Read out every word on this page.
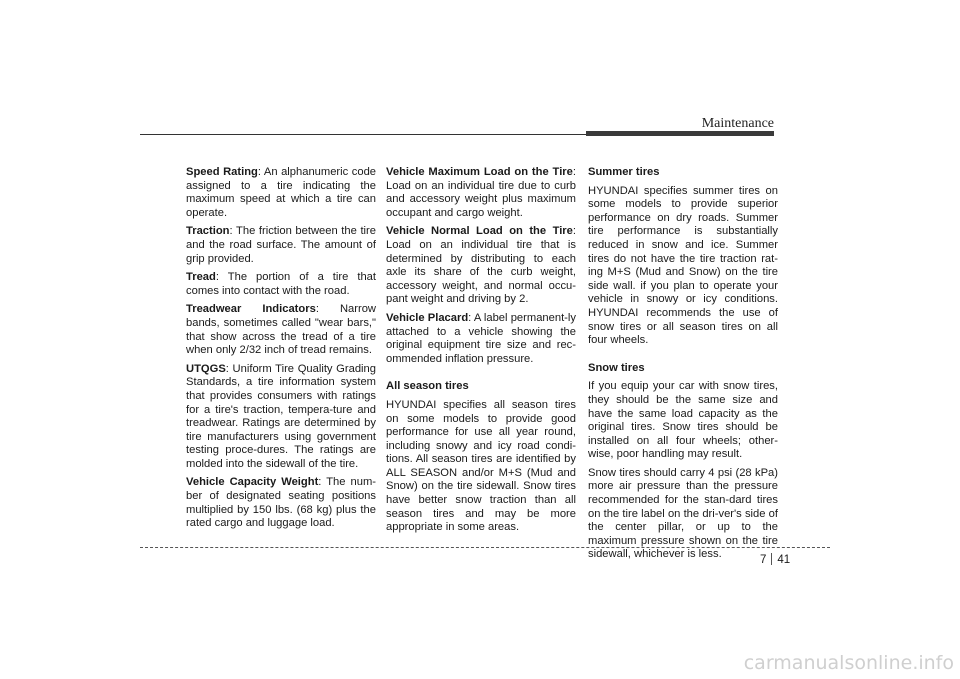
Maintenance

Speed Rating: An alphanumeric code assigned to a tire indicating the maximum speed at which a tire can operate.

Traction: The friction between the tire and the road surface. The amount of grip provided.

Tread: The portion of a tire that comes into contact with the road.

Treadwear Indicators: Narrow bands, sometimes called "wear bars," that show across the tread of a tire when only 2/32 inch of tread remains.

UTQGS: Uniform Tire Quality Grading Standards, a tire information system that provides consumers with ratings for a tire's traction, tempera-ture and treadwear. Ratings are determined by tire manufacturers using government testing proce-dures. The ratings are molded into the sidewall of the tire.

Vehicle Capacity Weight: The num-ber of designated seating positions multiplied by 150 lbs. (68 kg) plus the rated cargo and luggage load.

Vehicle Maximum Load on the Tire: Load on an individual tire due to curb and accessory weight plus maximum occupant and cargo weight.

Vehicle Normal Load on the Tire: Load on an individual tire that is determined by distributing to each axle its share of the curb weight, accessory weight, and normal occu-pant weight and driving by 2.

Vehicle Placard: A label permanent-ly attached to a vehicle showing the original equipment tire size and rec-ommended inflation pressure.

All season tires

HYUNDAI specifies all season tires on some models to provide good performance for use all year round, including snowy and icy road condi-tions. All season tires are identified by ALL SEASON and/or M+S (Mud and Snow) on the tire sidewall. Snow tires have better snow traction than all season tires and may be more appropriate in some areas.

Summer tires

HYUNDAI specifies summer tires on some models to provide superior performance on dry roads. Summer tire performance is substantially reduced in snow and ice. Summer tires do not have the tire traction rat-ing M+S (Mud and Snow) on the tire side wall. if you plan to operate your vehicle in snowy or icy conditions. HYUNDAI recommends the use of snow tires or all season tires on all four wheels.

Snow tires

If you equip your car with snow tires, they should be the same size and have the same load capacity as the original tires. Snow tires should be installed on all four wheels; other-wise, poor handling may result.

Snow tires should carry 4 psi (28 kPa) more air pressure than the pressure recommended for the stan-dard tires on the tire label on the dri-ver's side of the center pillar, or up to the maximum pressure shown on the tire sidewall, whichever is less.	7 41
carmanualsonline.info
